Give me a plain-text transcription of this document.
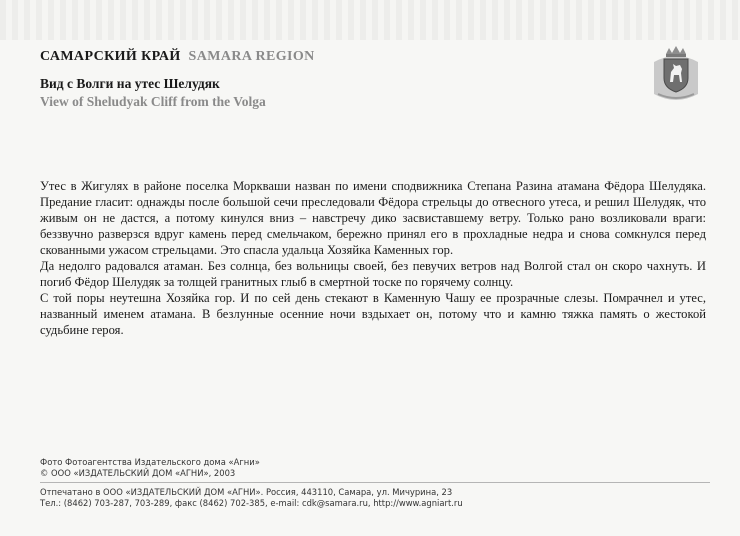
САМАРСКИЙ КРАЙ SAMARA REGION
Вид с Волги на утес Шелудяк
View of Sheludyak Cliff from the Volga

Утес в Жигулях в районе поселка Моркваши назван по имени сподвижника Степана Разина атамана Фёдора Шелудяка. Предание гласит: однажды после большой сечи преследовали Фёдора стрельцы до отвесного утеса, и решил Шелудяк, что живым он не дастся, а потому кинулся вниз – навстречу дико засвиставшему ветру. Только рано возликовали враги: беззвучно разверзся вдруг камень перед смельчаком, бережно принял его в прохладные недра и снова сомкнулся перед скованными ужасом стрельцами. Это спасла удальца Хозяйка Каменных гор.

Да недолго радовался атаман. Без солнца, без вольницы своей, без певучих ветров над Волгой стал он скоро чахнуть. И погиб Фёдор Шелудяк за толщей гранитных глыб в смертной тоске по горячему солнцу.

С той поры неутешна Хозяйка гор. И по сей день стекают в Каменную Чашу ее прозрачные слезы. Помрачнел и утес, названный именем атамана. В безлунные осенние ночи вздыхает он, потому что и камню тяжка память о жестокой судьбине героя.

Фото Фотоагентства Издательского дома «Агни»
© ООО «ИЗДАТЕЛЬСКИЙ ДОМ «АГНИ», 2003
Отпечатано в ООО «ИЗДАТЕЛЬСКИЙ ДОМ «АГНИ». Россия, 443110, Самара, ул. Мичурина, 23
Тел.: (8462) 703-287, 703-289, факс (8462) 702-385, e-mail: cdk@samara.ru, http://www.agniart.ru
